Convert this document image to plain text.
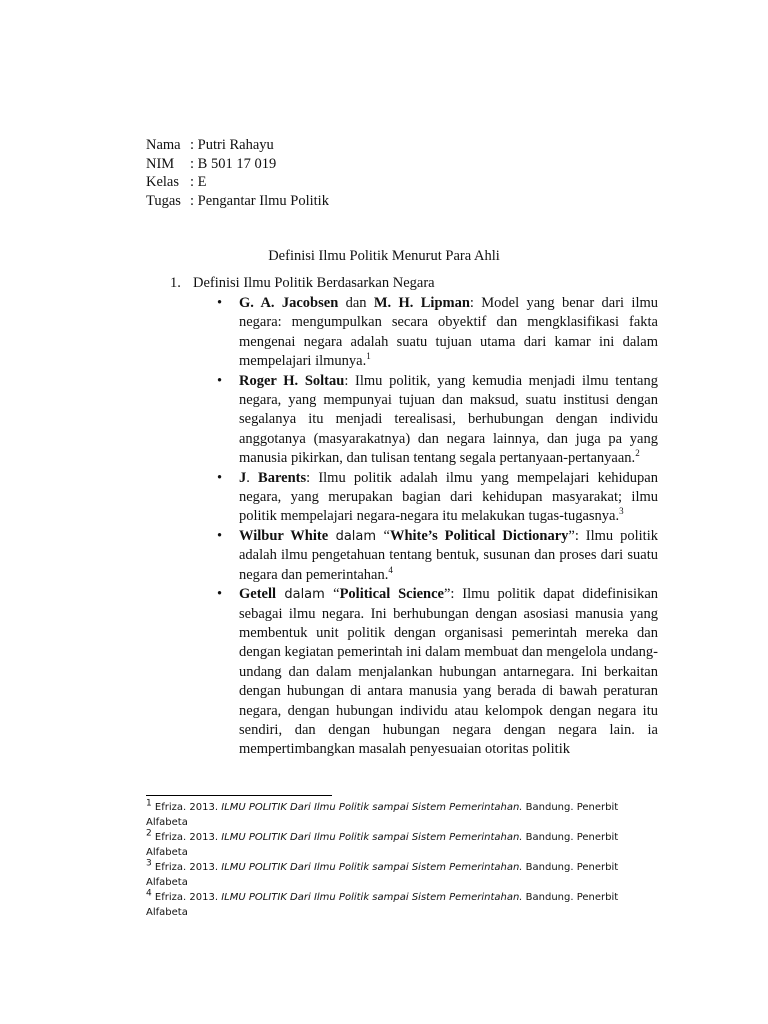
Nama : Putri Rahayu
NIM	: B 501 17 019
Kelas : E
Tugas : Pengantar Ilmu Politik
Definisi Ilmu Politik Menurut Para Ahli
1. Definisi Ilmu Politik Berdasarkan Negara
• G. A. Jacobsen dan M. H. Lipman: Model yang benar dari ilmu negara: mengumpulkan secara obyektif dan mengklasifikasi fakta mengenai negara adalah suatu tujuan utama dari kamar ini dalam mempelajari ilmunya.$^1$
• Roger H. Soltau: Ilmu politik, yang kemudia menjadi ilmu tentang negara, yang mempunyai tujuan dan maksud, suatu institusi dengan segalanya itu menjadi terealisasi, berhubungan dengan individu anggotanya (masyarakatnya) dan negara lainnya, dan juga pa yang manusia pikirkan, dan tulisan tentang segala pertanyaan-pertanyaan.$^2$
• J. Barents: Ilmu politik adalah ilmu yang mempelajari kehidupan negara, yang merupakan bagian dari kehidupan masyarakat; ilmu politik mempelajari negara-negara itu melakukan tugas-tugasnya.$^3$
• Wilbur White dalam “White’s Political Dictionary”: Ilmu politik adalah ilmu pengetahuan tentang bentuk, susunan dan proses dari suatu negara dan pemerintahan.$^4$
• Getell dalam “Political Science”: Ilmu politik dapat didefinisikan sebagai ilmu negara. Ini berhubungan dengan asosiasi manusia yang membentuk unit politik dengan organisasi pemerintah mereka dan dengan kegiatan pemerintah ini dalam membuat dan mengelola undang-undang dan dalam menjalankan hubungan antarnegara. Ini berkaitan dengan hubungan di antara manusia yang berada di bawah peraturan negara, dengan hubungan individu atau kelompok dengan negara itu sendiri, dan dengan hubungan negara dengan negara lain. ia mempertimbangkan masalah penyesuaian otoritas politik

$^1$ Efriza. 2013. ILMU POLITIK Dari Ilmu Politik sampai Sistem Pemerintahan. Bandung. Penerbit Alfabeta

$^2$ Efriza. 2013. ILMU POLITIK Dari Ilmu Politik sampai Sistem Pemerintahan. Bandung. Penerbit Alfabeta

$^3$ Efriza. 2013. ILMU POLITIK Dari Ilmu Politik sampai Sistem Pemerintahan. Bandung. Penerbit Alfabeta

$^4$ Efriza. 2013. ILMU POLITIK Dari Ilmu Politik sampai Sistem Pemerintahan. Bandung. Penerbit Alfabeta
